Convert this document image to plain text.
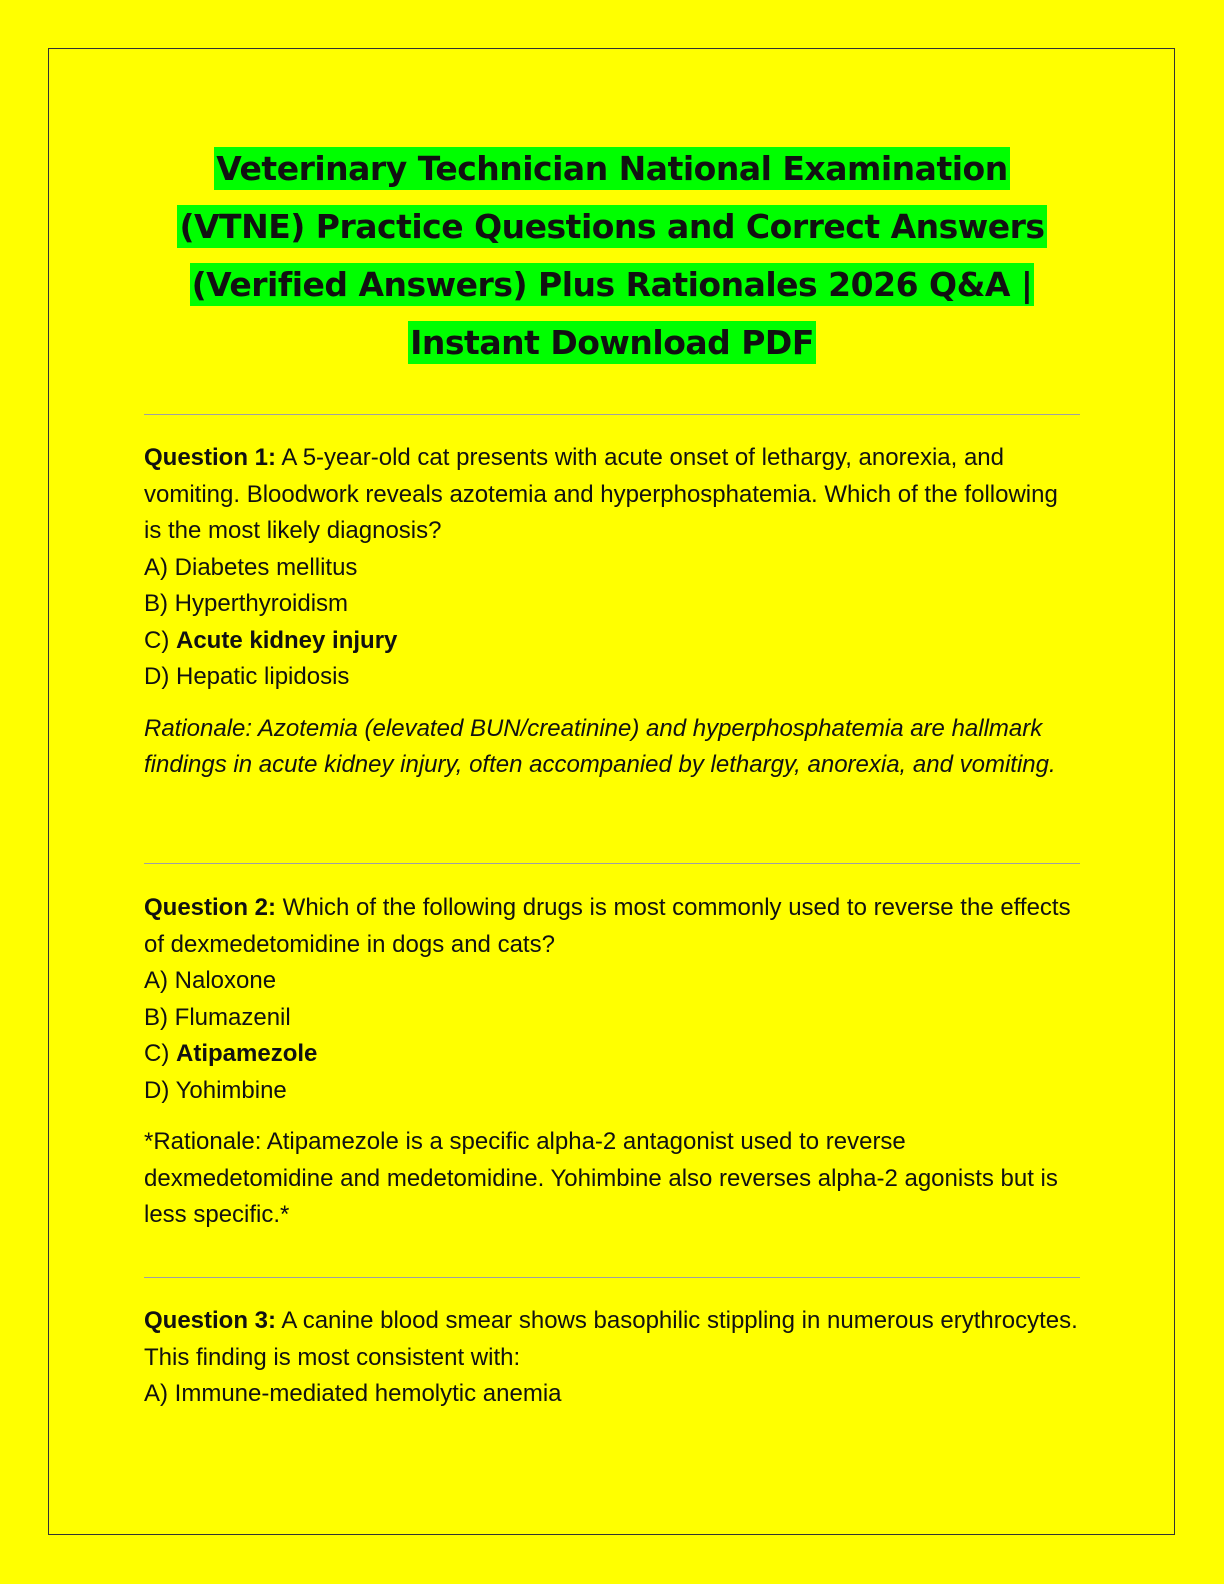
Veterinary Technician National Examination
(VTNE) Practice Questions and Correct Answers
(Verified Answers) Plus Rationales 2026 Q&A |
Instant Download PDF

Question 1: A 5-year-old cat presents with acute onset of lethargy, anorexia, and vomiting. Bloodwork reveals azotemia and hyperphosphatemia. Which of the following is the most likely diagnosis?

A) Diabetes mellitus

B) Hyperthyroidism

C) Acute kidney injury

D) Hepatic lipidosis

Rationale: Azotemia (elevated BUN/creatinine) and hyperphosphatemia are hallmark findings in acute kidney injury, often accompanied by lethargy, anorexia, and vomiting.

Question 2: Which of the following drugs is most commonly used to reverse the effects of dexmedetomidine in dogs and cats?

A) Naloxone

B) Flumazenil

C) Atipamezole

D) Yohimbine

*Rationale: Atipamezole is a specific alpha-2 antagonist used to reverse dexmedetomidine and medetomidine. Yohimbine also reverses alpha-2 agonists but is less specific.*

Question 3: A canine blood smear shows basophilic stippling in numerous erythrocytes. This finding is most consistent with:

A) Immune-mediated hemolytic anemia
